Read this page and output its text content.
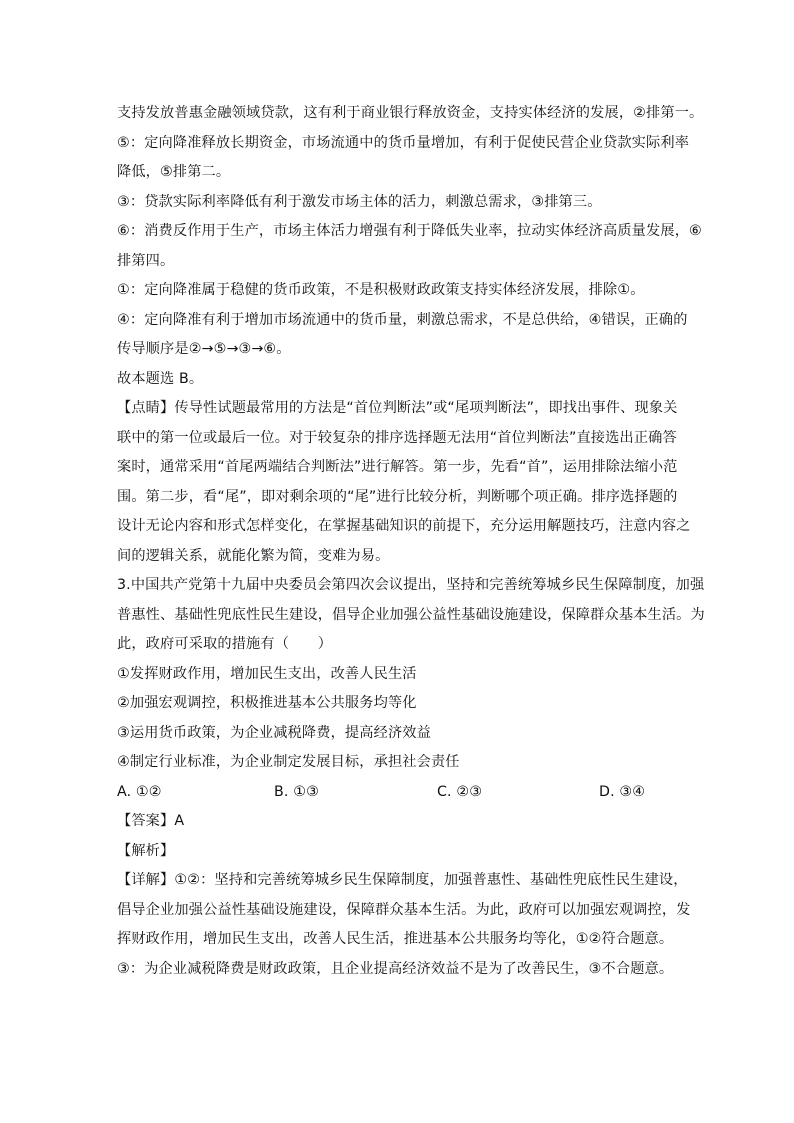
支持发放普惠金融领域贷款，这有利于商业银行释放资金，支持实体经济的发展，②排第一。
⑤：定向降准释放长期资金，市场流通中的货币量增加，有利于促使民营企业贷款实际利率
降低，⑤排第二。
③：贷款实际利率降低有利于激发市场主体的活力，刺激总需求，③排第三。
⑥：消费反作用于生产，市场主体活力增强有利于降低失业率，拉动实体经济高质量发展，⑥
排第四。
①：定向降准属于稳健的货币政策，不是积极财政政策支持实体经济发展，排除①。
④：定向降准有利于增加市场流通中的货币量，刺激总需求，不是总供给，④错误，正确的
传导顺序是②→⑤→③→⑥。
故本题选 B。
【点睛】传导性试题最常用的方法是“首位判断法”或“尾项判断法”，即找出事件、现象关
联中的第一位或最后一位。对于较复杂的排序选择题无法用“首位判断法”直接选出正确答
案时，通常采用“首尾两端结合判断法”进行解答。第一步，先看“首”，运用排除法缩小范
围。第二步，看“尾”，即对剩余项的“尾”进行比较分析，判断哪个项正确。排序选择题的
设计无论内容和形式怎样变化，在掌握基础知识的前提下，充分运用解题技巧，注意内容之
间的逻辑关系，就能化繁为简，变难为易。
3.中国共产党第十九届中央委员会第四次会议提出，坚持和完善统筹城乡民生保障制度，加强
普惠性、基础性兜底性民生建设，倡导企业加强公益性基础设施建设，保障群众基本生活。为
此，政府可采取的措施有（　　）
①发挥财政作用，增加民生支出，改善人民生活
②加强宏观调控，积极推进基本公共服务均等化
③运用货币政策，为企业减税降费，提高经济效益
④制定行业标准，为企业制定发展目标，承担社会责任
A. ①②	B. ①③	C. ②③	D. ③④
【答案】A
【解析】
【详解】①②：坚持和完善统筹城乡民生保障制度，加强普惠性、基础性兜底性民生建设，
倡导企业加强公益性基础设施建设，保障群众基本生活。为此，政府可以加强宏观调控，发
挥财政作用，增加民生支出，改善人民生活，推进基本公共服务均等化，①②符合题意。
③：为企业减税降费是财政政策，且企业提高经济效益不是为了改善民生，③不合题意。
